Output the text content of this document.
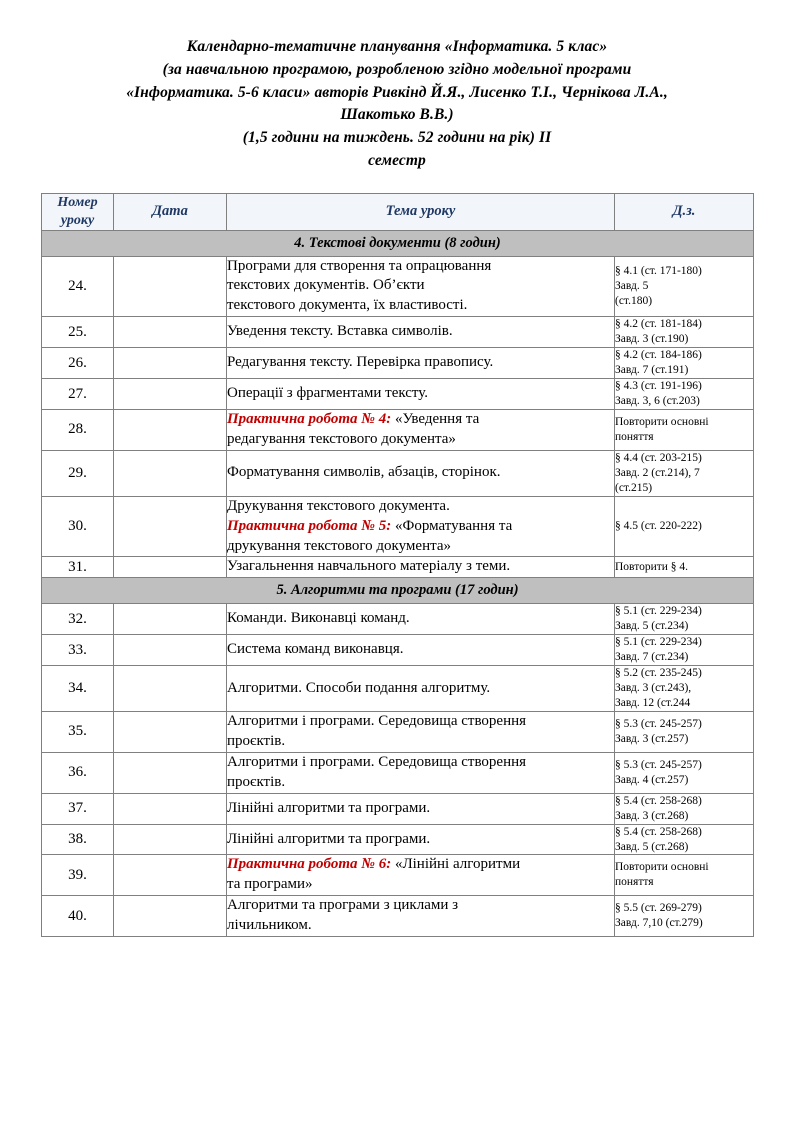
Календарно-тематичне планування «Інформатика. 5 клас»
(за навчальною програмою, розробленою згідно модельної програми
«Інформатика. 5-6 класи» авторів Ривкінд Й.Я., Лисенко Т.І., Чернікова Л.А.,
Шакотько В.В.)
(1,5 години на тиждень. 52 години на рік) ІІ
семестр
Номер
уроку	Дата	Тема уроку	Д.з.
4. Текстові документи (8 годин)			
24.		Програми для створення та опрацювання
текстових документів. Об’єкти
текстового документа, їх властивості.	§ 4.1 (ст. 171-180)
Завд. 5
(ст.180)

25.		Уведення тексту. Вставка символів.	§ 4.2 (ст. 181-184)
Завд. 3 (ст.190)

26.		Редагування тексту. Перевірка правопису.	§ 4.2 (ст. 184-186)
Завд. 7 (ст.191)

27.		Операції з фрагментами тексту.	§ 4.3 (ст. 191-196)
Завд. 3, 6 (ст.203)

28.		Практична робота № 4: «Уведення та
редагування текстового документа»	Повторити основні
поняття

29.		Форматування символів, абзаців, сторінок.	§ 4.4 (ст. 203-215)
Завд. 2 (ст.214), 7
(ст.215)

30.		Друкування текстового документа.
Практична робота № 5: «Форматування та
друкування текстового документа»	§ 4.5 (ст. 220-222)

31.		Узагальнення навчального матеріалу з теми.	Повторити § 4.

5. Алгоритми та програми (17 годин)			
32.		Команди. Виконавці команд.	§ 5.1 (ст. 229-234)
Завд. 5 (ст.234)

33.		Система команд виконавця.	§ 5.1 (ст. 229-234)
Завд. 7 (ст.234)

34.		Алгоритми. Способи подання алгоритму.	§ 5.2 (ст. 235-245)
Завд. 3 (ст.243),
Завд. 12 (ст.244

35.		Алгоритми і програми. Середовища створення
проєктів.	§ 5.3 (ст. 245-257)
Завд. 3 (ст.257)

36.		Алгоритми і програми. Середовища створення
проєктів.	§ 5.3 (ст. 245-257)
Завд. 4 (ст.257)

37.		Лінійні алгоритми та програми.	§ 5.4 (ст. 258-268)
Завд. 3 (ст.268)

38.		Лінійні алгоритми та програми.	§ 5.4 (ст. 258-268)
Завд. 5 (ст.268)

39.		Практична робота № 6: «Лінійні алгоритми
та програми»	Повторити основні
поняття

40.		Алгоритми та програми з циклами з
лічильником.	§ 5.5 (ст. 269-279)
Завд. 7,10 (ст.279)
